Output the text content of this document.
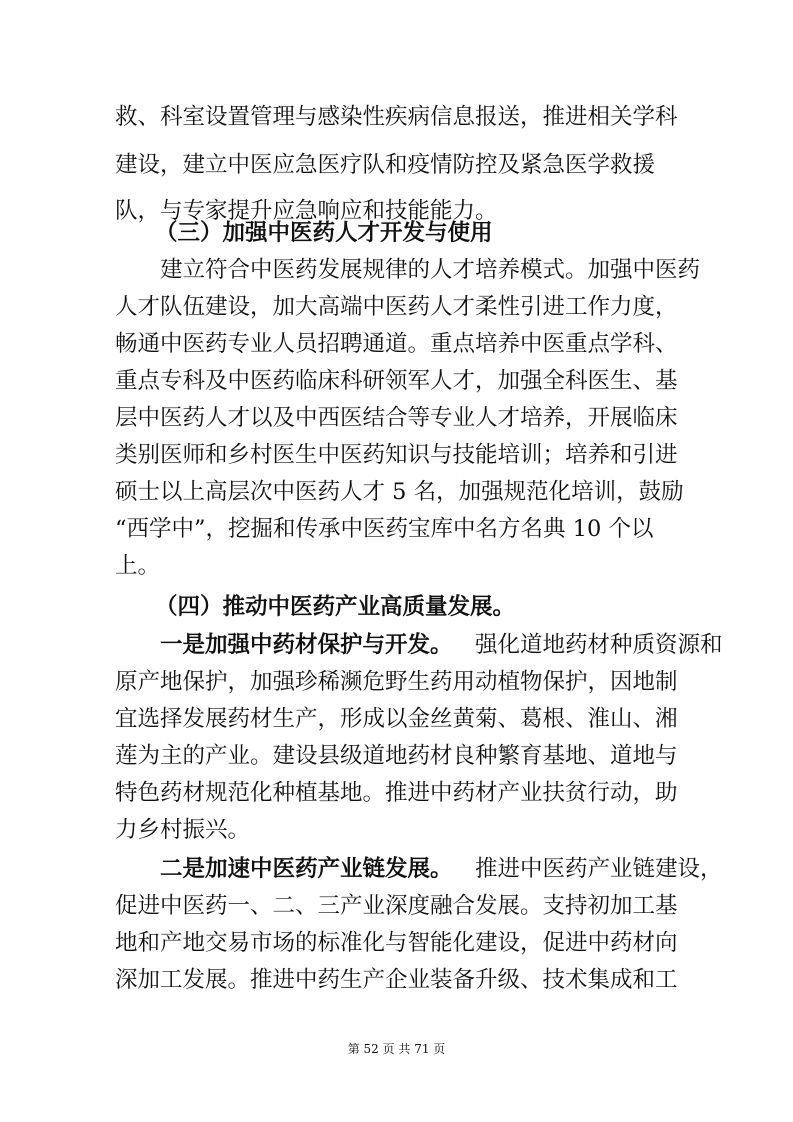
救、科室设置管理与感染性疾病信息报送，推进相关学科
建设，建立中医应急医疗队和疫情防控及紧急医学救援
队，与专家提升应急响应和技能能力。
（三）加强中医药人才开发与使用
建立符合中医药发展规律的人才培养模式。加强中医药
人才队伍建设，加大高端中医药人才柔性引进工作力度，
畅通中医药专业人员招聘通道。重点培养中医重点学科、
重点专科及中医药临床科研领军人才，加强全科医生、基
层中医药人才以及中西医结合等专业人才培养，开展临床
类别医师和乡村医生中医药知识与技能培训；培养和引进
硕士以上高层次中医药人才 5 名，加强规范化培训，鼓励
“西学中”，挖掘和传承中医药宝库中名方名典 10 个以
上。
（四）推动中医药产业高质量发展。
一是加强中药材保护与开发。 强化道地药材种质资源和
原产地保护，加强珍稀濒危野生药用动植物保护，因地制
宜选择发展药材生产，形成以金丝黄菊、葛根、淮山、湘
莲为主的产业。建设县级道地药材良种繁育基地、道地与
特色药材规范化种植基地。推进中药材产业扶贫行动，助
力乡村振兴。
二是加速中医药产业链发展。 推进中医药产业链建设，
促进中医药一、二、三产业深度融合发展。支持初加工基
地和产地交易市场的标准化与智能化建设，促进中药材向
深加工发展。推进中药生产企业装备升级、技术集成和工
第 52 页 共 71 页
